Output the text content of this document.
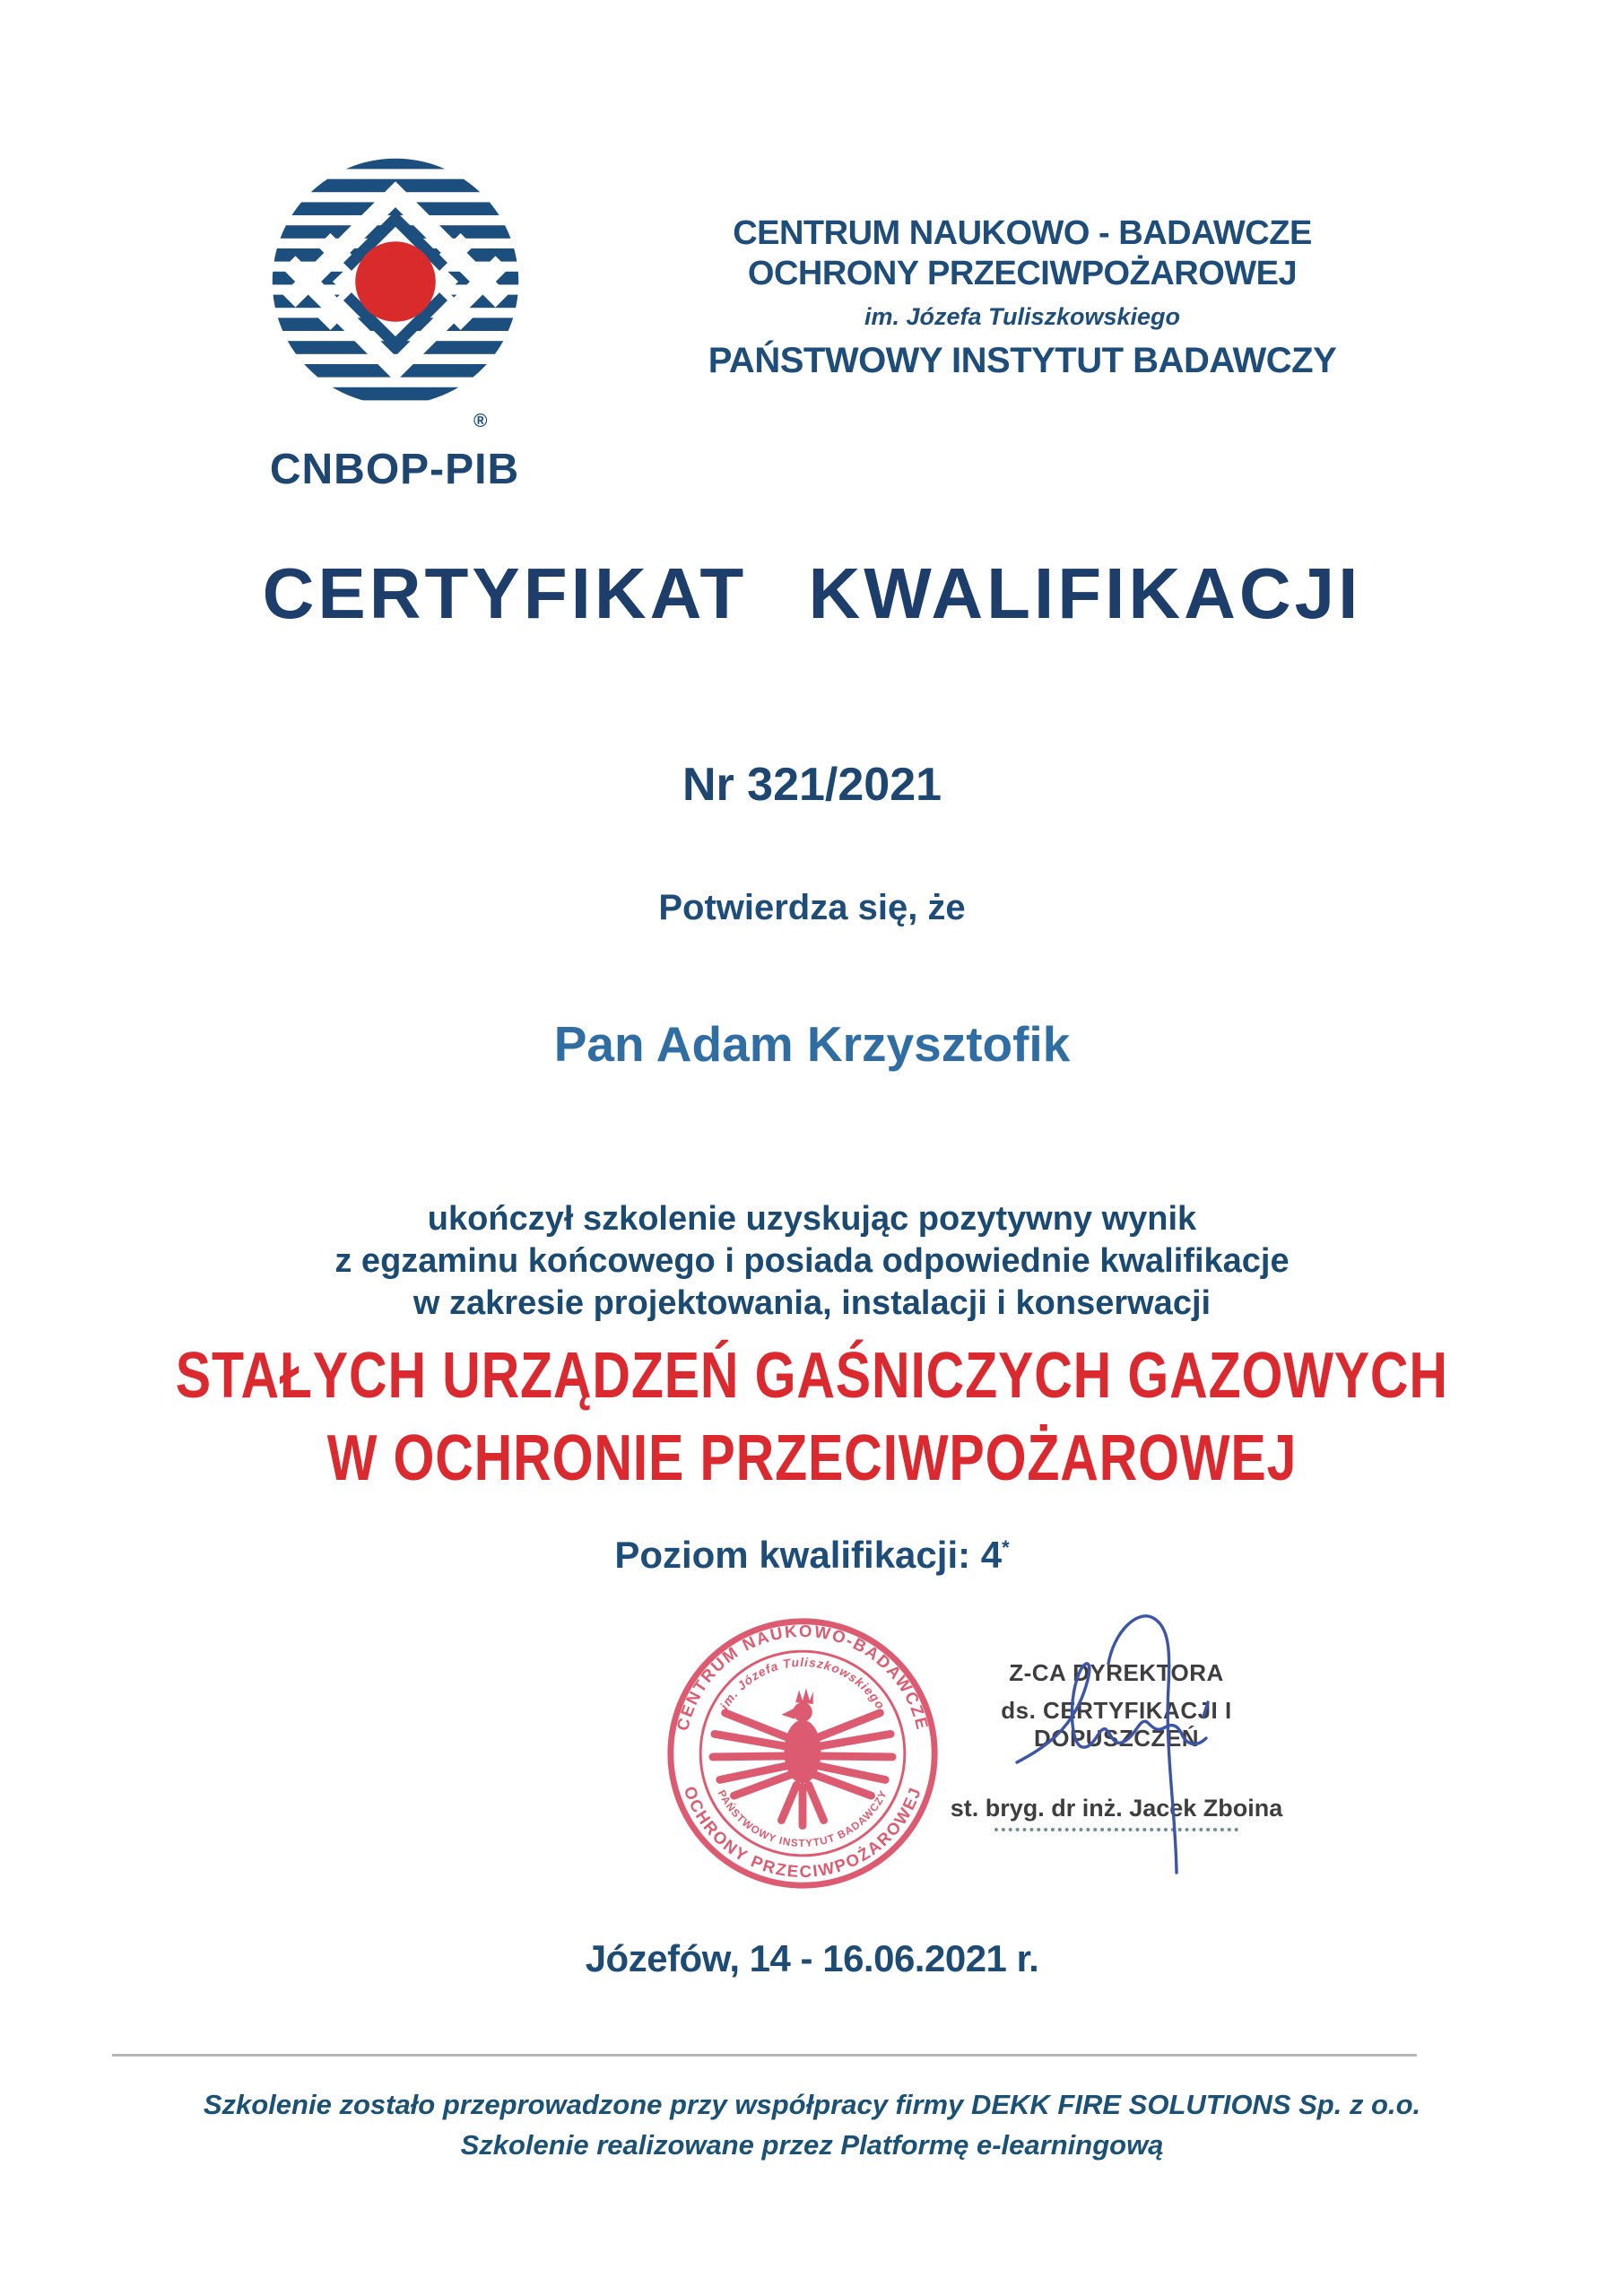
®
CNBOP-PIB
CENTRUM NAUKOWO - BADAWCZE
OCHRONY PRZECIWPOŻAROWEJ
im. Józefa Tuliszkowskiego
PAŃSTWOWY INSTYTUT BADAWCZY
CERTYFIKAT KWALIFIKACJI
Nr 321/2021
Potwierdza się, że
Pan Adam Krzysztofik
ukończył szkolenie uzyskując pozytywny wynik
z egzaminu końcowego i posiada odpowiednie kwalifikacje
w zakresie projektowania, instalacji i konserwacji
STAŁYCH URZĄDZEŃ GAŚNICZYCH GAZOWYCH
W OCHRONIE PRZECIWPOŻAROWEJ
Poziom kwalifikacji: 4*
CENTRUM NAUKOWO-BADAWCZE
OCHRONY PRZECIWPOŻAROWEJ
im. Józefa Tuliszkowskiego
PAŃSTWOWY INSTYTUT BADAWCZY
Z-CA DYREKTORA
ds. CERTYFIKACJI I DOPUSZCZEŃ
st. bryg. dr inż. Jacek Zboina
Józefów, 14 - 16.06.2021 r.
Szkolenie zostało przeprowadzone przy współpracy firmy DEKK FIRE SOLUTIONS Sp. z o.o.
Szkolenie realizowane przez Platformę e-learningową
